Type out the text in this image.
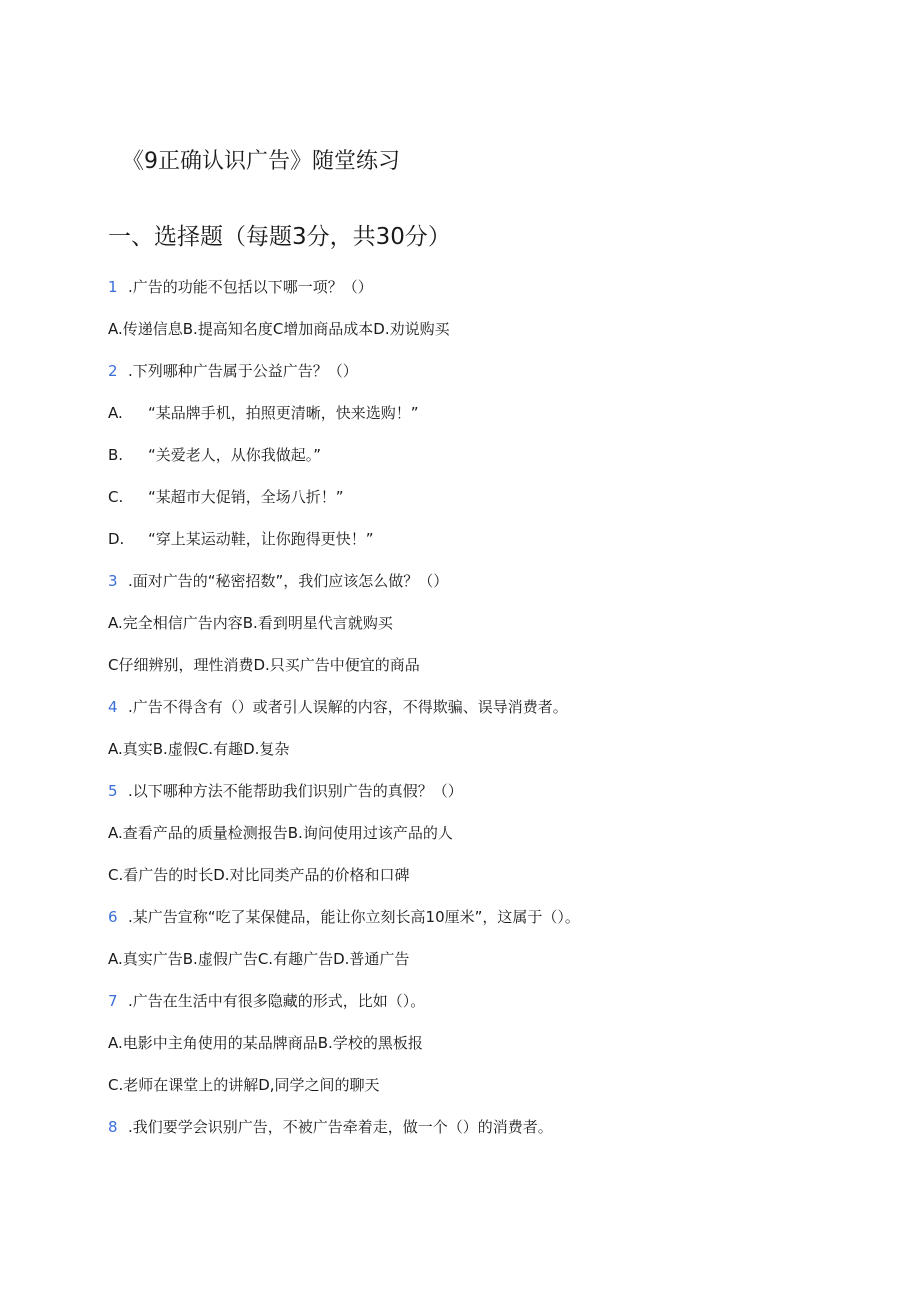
《9正确认识广告》随堂练习
一、选择题（每题3分，共30分）
1 .广告的功能不包括以下哪一项？（）
A.传递信息B.提高知名度C增加商品成本D.劝说购买
2 .下列哪种广告属于公益广告？（）
A. “某品牌手机，拍照更清晰，快来选购！”
B. “关爱老人，从你我做起。”
C. “某超市大促销，全场八折！”
D. “穿上某运动鞋，让你跑得更快！”
3 .面对广告的“秘密招数”，我们应该怎么做？（）
A.完全相信广告内容B.看到明星代言就购买
C仔细辨别，理性消费D.只买广告中便宜的商品
4 .广告不得含有（）或者引人误解的内容，不得欺骗、误导消费者。
A.真实B.虚假C.有趣D.复杂
5 .以下哪种方法不能帮助我们识别广告的真假？（）
A.查看产品的质量检测报告B.询问使用过该产品的人
C.看广告的时长D.对比同类产品的价格和口碑
6 .某广告宣称“吃了某保健品，能让你立刻长高10厘米”，这属于（）。
A.真实广告B.虚假广告C.有趣广告D.普通广告
7 .广告在生活中有很多隐藏的形式，比如（）。
A.电影中主角使用的某品牌商品B.学校的黑板报
C.老师在课堂上的讲解D,同学之间的聊天
8 .我们要学会识别广告，不被广告牵着走，做一个（）的消费者。
